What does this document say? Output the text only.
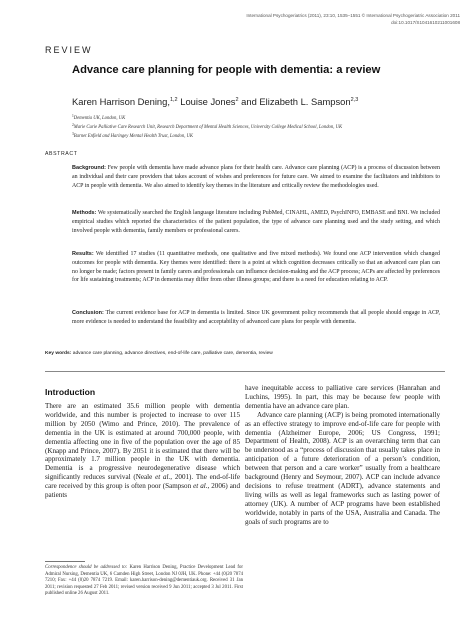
International Psychogeriatrics (2011), 23:10, 1535–1551 © International Psychogeriatric Association 2011
doi:10.1017/S1041610211001608
REVIEW
Advance care planning for people with dementia: a review
Karen Harrison Dening,$^{1,2}$ Louise Jones$^2$ and Elizabeth L. Sampson$^{2,3}$
$^1$Dementia UK, London, UK
$^2$Marie Curie Palliative Care Research Unit, Research Department of Mental Health Sciences, University College Medical School, London, UK
$^3$Barnet Enfield and Haringey Mental Health Trust, London, UK
ABSTRACT
Background: Few people with dementia have made advance plans for their health care. Advance care planning (ACP) is a process of discussion between an individual and their care providers that takes account of wishes and preferences for future care. We aimed to examine the facilitators and inhibitors to ACP in people with dementia. We also aimed to identify key themes in the literature and critically review the methodologies used.
Methods: We systematically searched the English language literature including PubMed, CINAHL, AMED, PsychINFO, EMBASE and BNI. We included empirical studies which reported the characteristics of the patient population, the type of advance care planning used and the study setting, and which involved people with dementia, family members or professional carers.
Results: We identified 17 studies (11 quantitative methods, one qualitative and five mixed methods). We found one ACP intervention which changed outcomes for people with dementia. Key themes were identified: there is a point at which cognition decreases critically so that an advanced care plan can no longer be made; factors present in family carers and professionals can influence decision-making and the ACP process; ACPs are affected by preferences for life sustaining treatments; ACP in dementia may differ from other illness groups; and there is a need for education relating to ACP.
Conclusion: The current evidence base for ACP in dementia is limited. Since UK government policy recommends that all people should engage in ACP, more evidence is needed to understand the feasibility and acceptability of advanced care plans for people with dementia.
Key words: advance care planning, advance directives, end-of-life care, palliative care, dementia, review
Introduction

There are an estimated 35.6 million people with dementia worldwide, and this number is projected to increase to over 115 million by 2050 (Wimo and Prince, 2010). The prevalence of dementia in the UK is estimated at around 700,000 people, with dementia affecting one in five of the population over the age of 85 (Knapp and Prince, 2007). By 2051 it is estimated that there will be approximately 1.7 million people in the UK with dementia. Dementia is a progressive neurodegenerative disease which significantly reduces survival (Neale et al., 2001). The end-of-life care received by this group is often poor (Sampson et al., 2006) and patients

have inequitable access to palliative care services (Hanrahan and Luchins, 1995). In part, this may be because few people with dementia have an advance care plan.

Advance care planning (ACP) is being promoted internationally as an effective strategy to improve end-of-life care for people with dementia (Alzheimer Europe, 2006; US Congress, 1991; Department of Health, 2008). ACP is an overarching term that can be understood as a “process of discussion that usually takes place in anticipation of a future deterioration of a person’s condition, between that person and a care worker” usually from a healthcare background (Henry and Seymour, 2007). ACP can include advance decisions to refuse treatment (ADRT), advance statements and living wills as well as legal frameworks such as lasting power of attorney (UK). A number of ACP programs have been established worldwide, notably in parts of the USA, Australia and Canada. The goals of such programs are to

Correspondence should be addressed to: Karen Harrison Dening, Practice Development Lead for Admiral Nursing, Dementia UK, 6 Camden High Street, London NJ 0JH, UK. Phone: +44 (0)20 7874 7210; Fax: +44 (0)20 7874 7219. Email: karen.harrison-dening@dementiauk.org. Received 31 Jan 2011; revision requested 27 Feb 2011; revised version received 9 Jun 2011; accepted 3 Jul 2011. First published online 26 August 2011.
